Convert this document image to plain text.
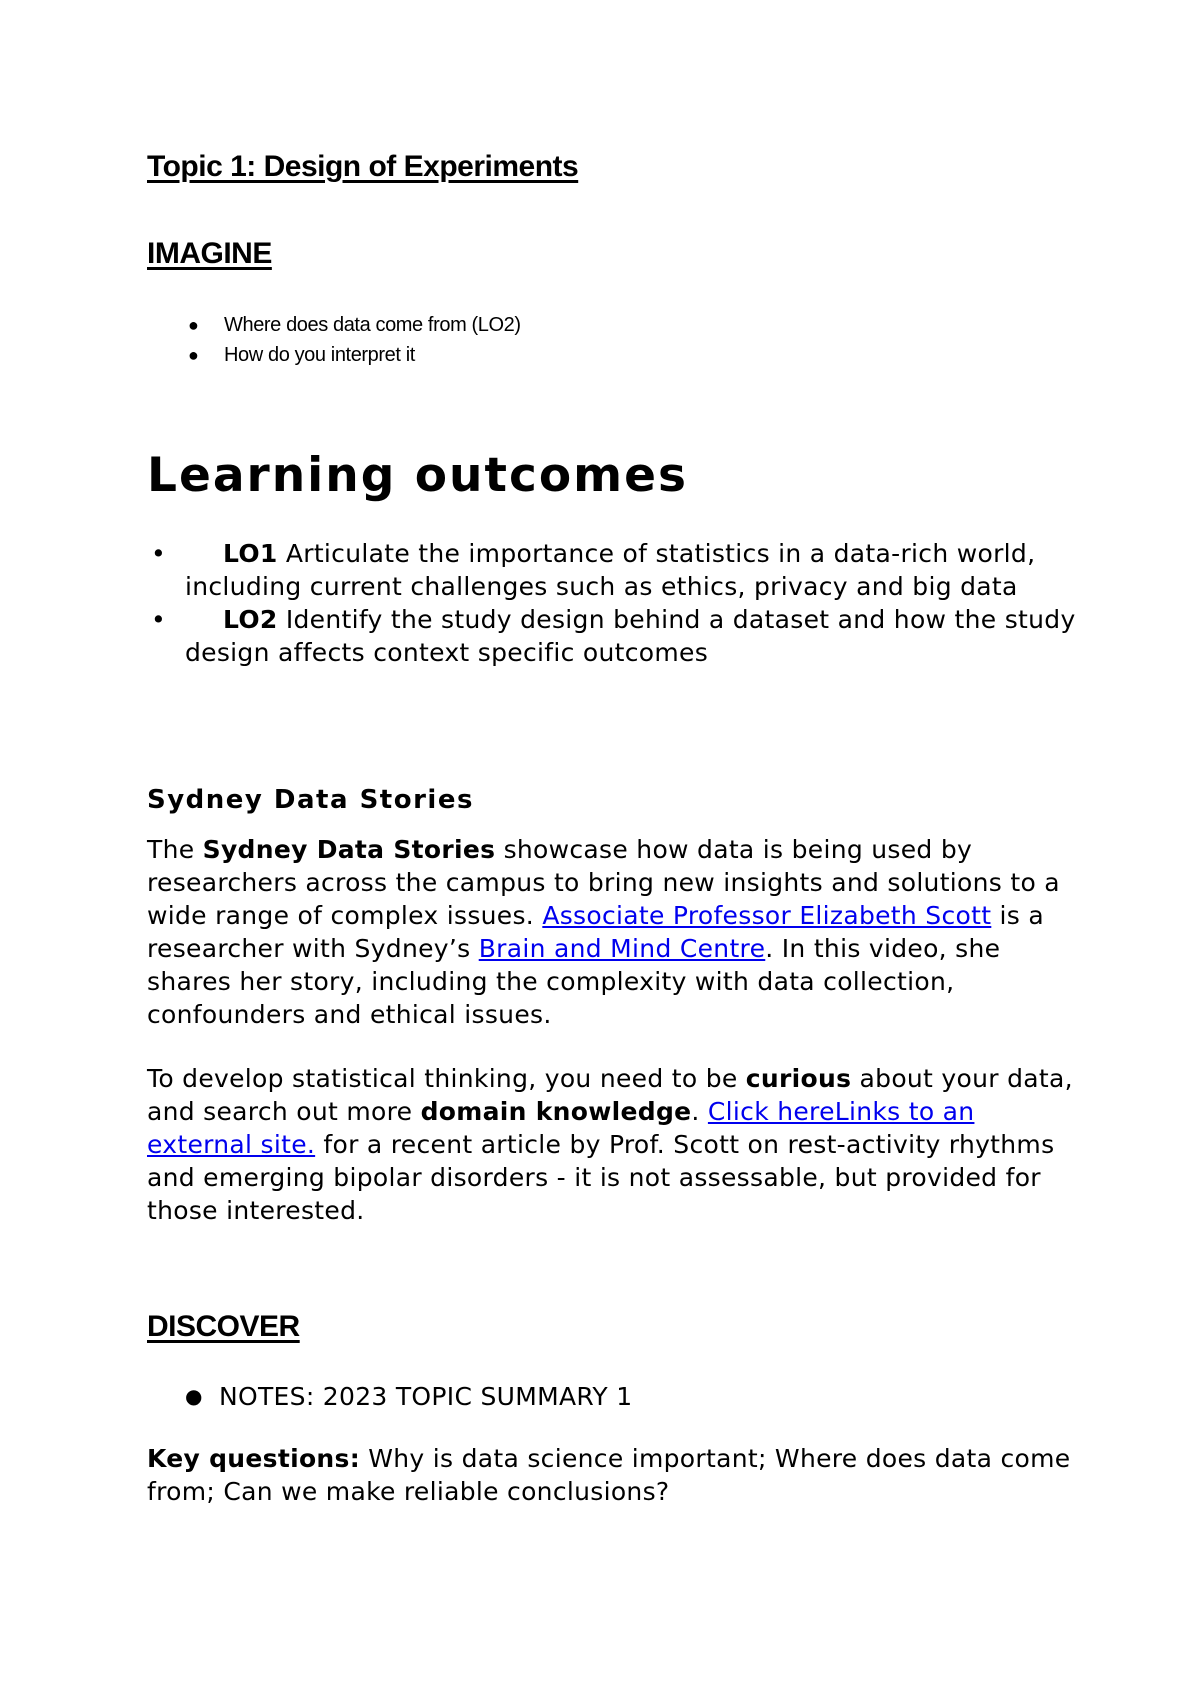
Topic 1: Design of Experiments
IMAGINE
● Where does data come from (LO2)
● How do you interpret it
Learning outcomes
• LO1 Articulate the importance of statistics in a data-rich world, including current challenges such as ethics, privacy and big data
• LO2 Identify the study design behind a dataset and how the study design affects context specific outcomes
Sydney Data Stories

The Sydney Data Stories showcase how data is being used by researchers across the campus to bring new insights and solutions to a wide range of complex issues. Associate Professor Elizabeth Scott is a researcher with Sydney’s Brain and Mind Centre. In this video, she shares her story, including the complexity with data collection, confounders and ethical issues.

To develop statistical thinking, you need to be curious about your data, and search out more domain knowledge. Click hereLinks to an external site. for a recent article by Prof. Scott on rest-activity rhythms and emerging bipolar disorders - it is not assessable, but provided for those interested.

DISCOVER
● NOTES: 2023 TOPIC SUMMARY 1

Key questions: Why is data science important; Where does data come from; Can we make reliable conclusions?
